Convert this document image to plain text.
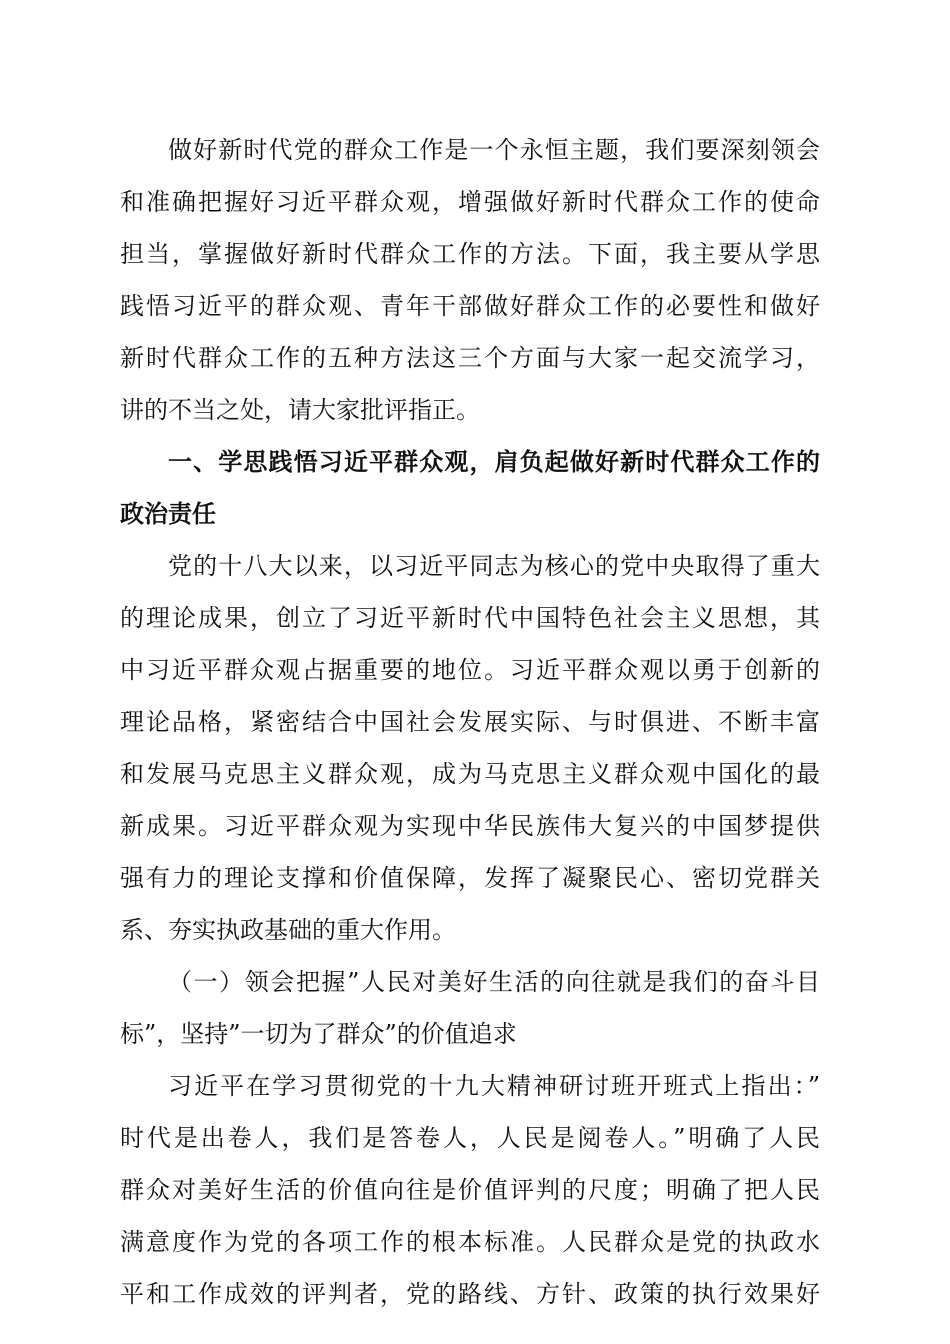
做好新时代党的群众工作是一个永恒主题，我们要深刻领会
和准确把握好习近平群众观，增强做好新时代群众工作的使命
担当，掌握做好新时代群众工作的方法。下面，我主要从学思
践悟习近平的群众观、青年干部做好群众工作的必要性和做好
新时代群众工作的五种方法这三个方面与大家一起交流学习，
讲的不当之处，请大家批评指正。
一、学思践悟习近平群众观，肩负起做好新时代群众工作的
政治责任
党的十八大以来，以习近平同志为核心的党中央取得了重大
的理论成果，创立了习近平新时代中国特色社会主义思想，其
中习近平群众观占据重要的地位。习近平群众观以勇于创新的
理论品格，紧密结合中国社会发展实际、与时俱进、不断丰富
和发展马克思主义群众观，成为马克思主义群众观中国化的最
新成果。习近平群众观为实现中华民族伟大复兴的中国梦提供
强有力的理论支撑和价值保障，发挥了凝聚民心、密切党群关
系、夯实执政基础的重大作用。
（一）领会把握”人民对美好生活的向往就是我们的奋斗目
标”，坚持”一切为了群众”的价值追求
习近平在学习贯彻党的十九大精神研讨班开班式上指出：”
时代是出卷人，我们是答卷人，人民是阅卷人。”明确了人民
群众对美好生活的价值向往是价值评判的尺度；明确了把人民
满意度作为党的各项工作的根本标准。人民群众是党的执政水
平和工作成效的评判者，党的路线、方针、政策的执行效果好
